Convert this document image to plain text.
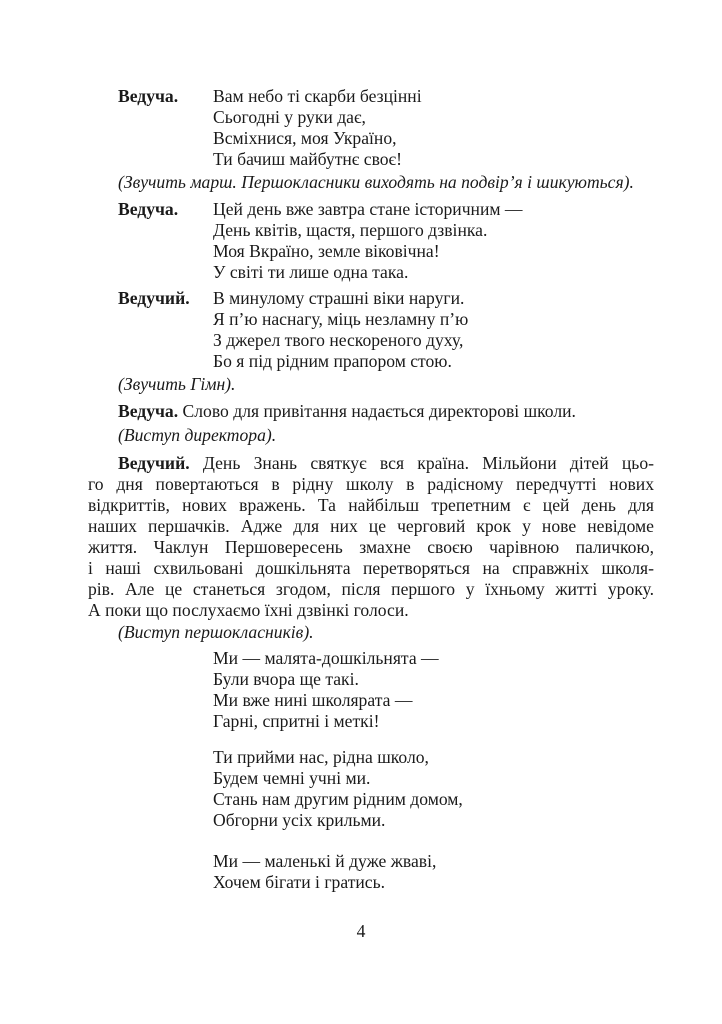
Ведуча. Вам небо ті скарби безцінні
Сьогодні у руки дає,
Всміхнися, моя Україно,
Ти бачиш майбутнє своє!
(Звучить марш. Першокласники виходять на подвір’я і шикуються).
Ведуча. Цей день вже завтра стане історичним —
День квітів, щастя, першого дзвінка.
Моя Вкраїно, земле віковічна!
У світі ти лише одна така.
Ведучий. В минулому страшні віки наруги.
Я п’ю наснагу, міць незламну п’ю
З джерел твого нескореного духу,
Бо я під рідним прапором стою.
(Звучить Гімн).
Ведуча. Слово для привітання надається директорові школи.
(Виступ директора).
Ведучий. День Знань святкує вся країна. Мільйони дітей цьо-
го дня повертаються в рідну школу в радісному передчутті нових
відкриттів, нових вражень. Та найбільш трепетним є цей день для
наших першачків. Адже для них це черговий крок у нове невідоме
життя. Чаклун Першовересень змахне своєю чарівною паличкою,
і наші схвильовані дошкільнята перетворяться на справжніх школя-
рів. Але це станеться згодом, після першого у їхньому житті уроку.
А поки що послухаємо їхні дзвінкі голоси.
(Виступ першокласників).
Ми — малята-дошкільнята —
Були вчора ще такі.
Ми вже нині школярата —
Гарні, спритні і меткі!
Ти прийми нас, рідна школо,
Будем чемні учні ми.
Стань нам другим рідним домом,
Обгорни усіх крильми.
Ми — маленькі й дуже жваві,
Хочем бігати і гратись.
4
